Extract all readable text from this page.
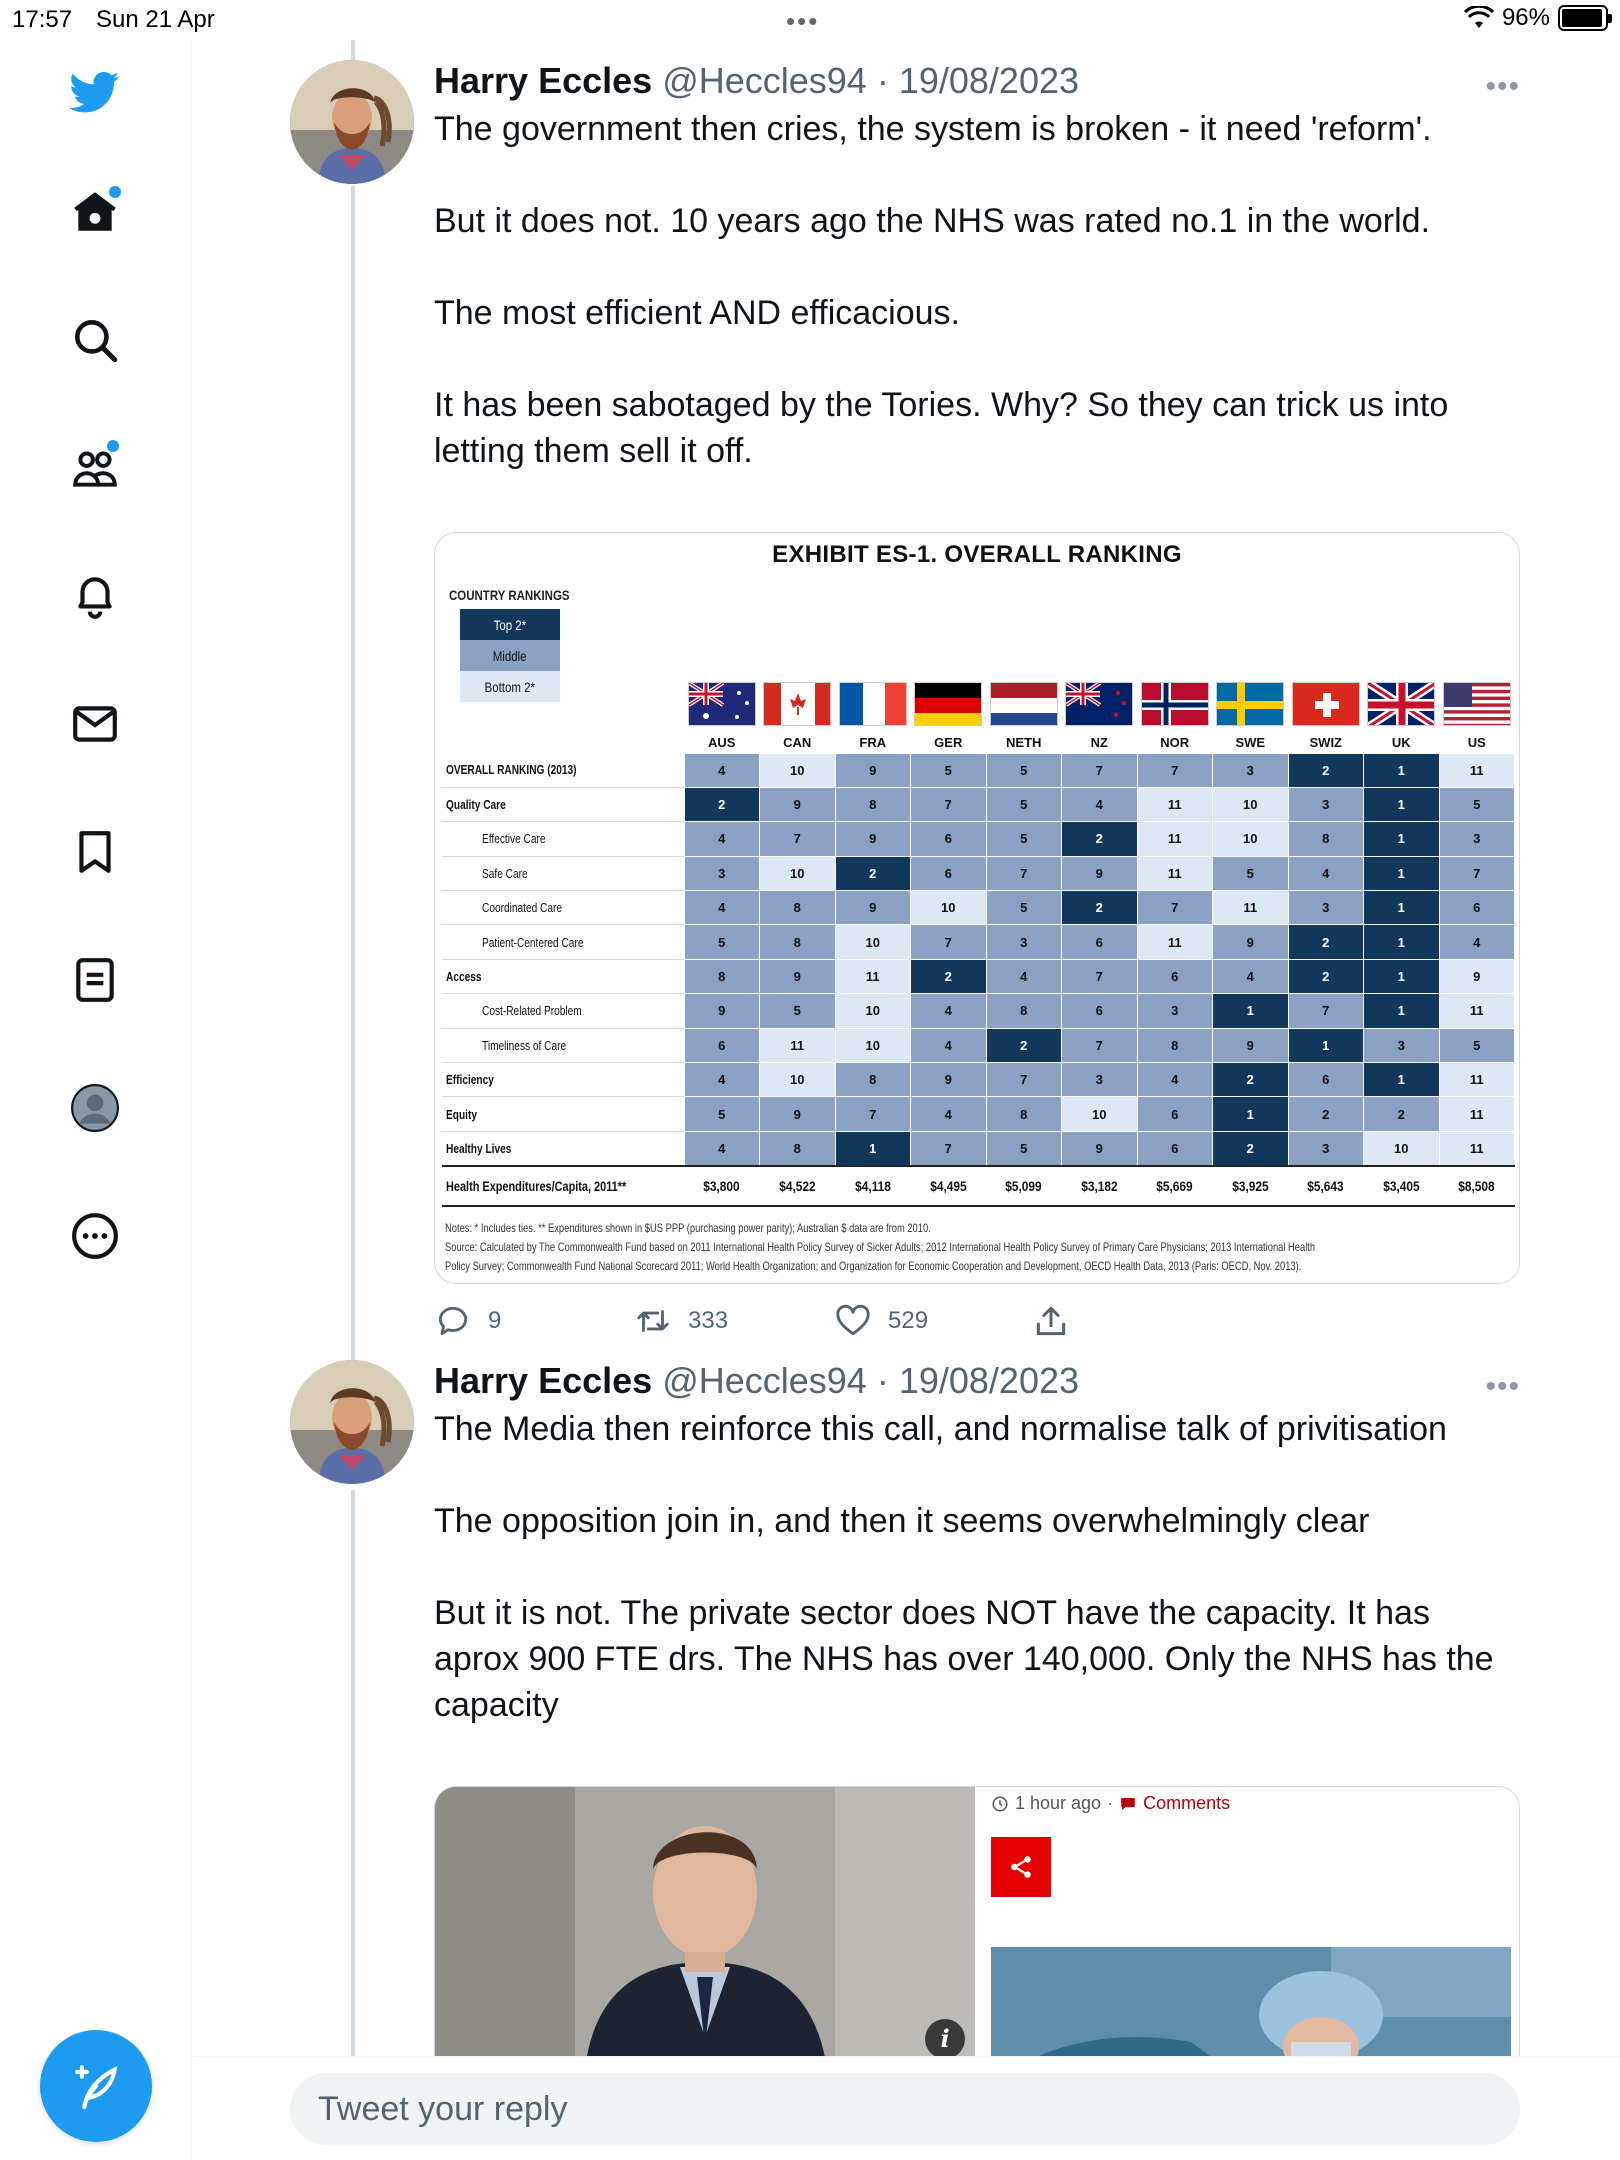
17:57 Sun 21 Apr	•••	96%
Harry Eccles @Heccles94 · 19/08/2023	•••

The government then cries, the system is broken - it need 'reform'.

But it does not. 10 years ago the NHS was rated no.1 in the world.

The most efficient AND efficacious.

It has been sabotaged by the Tories. Why? So they can trick us into letting them sell it off.

EXHIBIT ES-1. OVERALL RANKING
COUNTRY RANKINGS
Top 2*
Middle
Bottom 2*

	AUS	CAN	FRA	GER	NETH	NZ	NOR	SWE	SWIZ	UK	US
OVERALL RANKING (2013)	4	10	9	5	5	7	7	3	2	1	11
Quality Care	2	9	8	7	5	4	11	10	3	1	5
Effective Care	4	7	9	6	5	2	11	10	8	1	3
Safe Care	3	10	2	6	7	9	11	5	4	1	7
Coordinated Care	4	8	9	10	5	2	7	11	3	1	6
Patient-Centered Care	5	8	10	7	3	6	11	9	2	1	4
Access	8	9	11	2	4	7	6	4	2	1	9
Cost-Related Problem	9	5	10	4	8	6	3	1	7	1	11
Timeliness of Care	6	11	10	4	2	7	8	9	1	3	5
Efficiency	4	10	8	9	7	3	4	2	6	1	11
Equity	5	9	7	4	8	10	6	1	2	2	11
Healthy Lives	4	8	1	7	5	9	6	2	3	10	11
Health Expenditures/Capita, 2011**	$3,800	$4,522	$4,118	$4,495	$5,099	$3,182	$5,669	$3,925	$5,643	$3,405	$8,508
Notes: * Includes ties. ** Expenditures shown in $US PPP (purchasing power parity); Australian $ data are from 2010.
Source: Calculated by The Commonwealth Fund based on 2011 International Health Policy Survey of Sicker Adults; 2012 International Health Policy Survey of Primary Care Physicians; 2013 International Health
Policy Survey; Commonwealth Fund National Scorecard 2011; World Health Organization; and Organization for Economic Cooperation and Development, OECD Health Data, 2013 (Paris: OECD, Nov. 2013).
9	333	529
Harry Eccles @Heccles94 · 19/08/2023	•••

The Media then reinforce this call, and normalise talk of privitisation

The opposition join in, and then it seems overwhelmingly clear

But it is not. The private sector does NOT have the capacity. It has aprox 900 FTE drs. The NHS has over 140,000. Only the NHS has the capacity

i
1 hour ago · Comments
Tweet your reply
